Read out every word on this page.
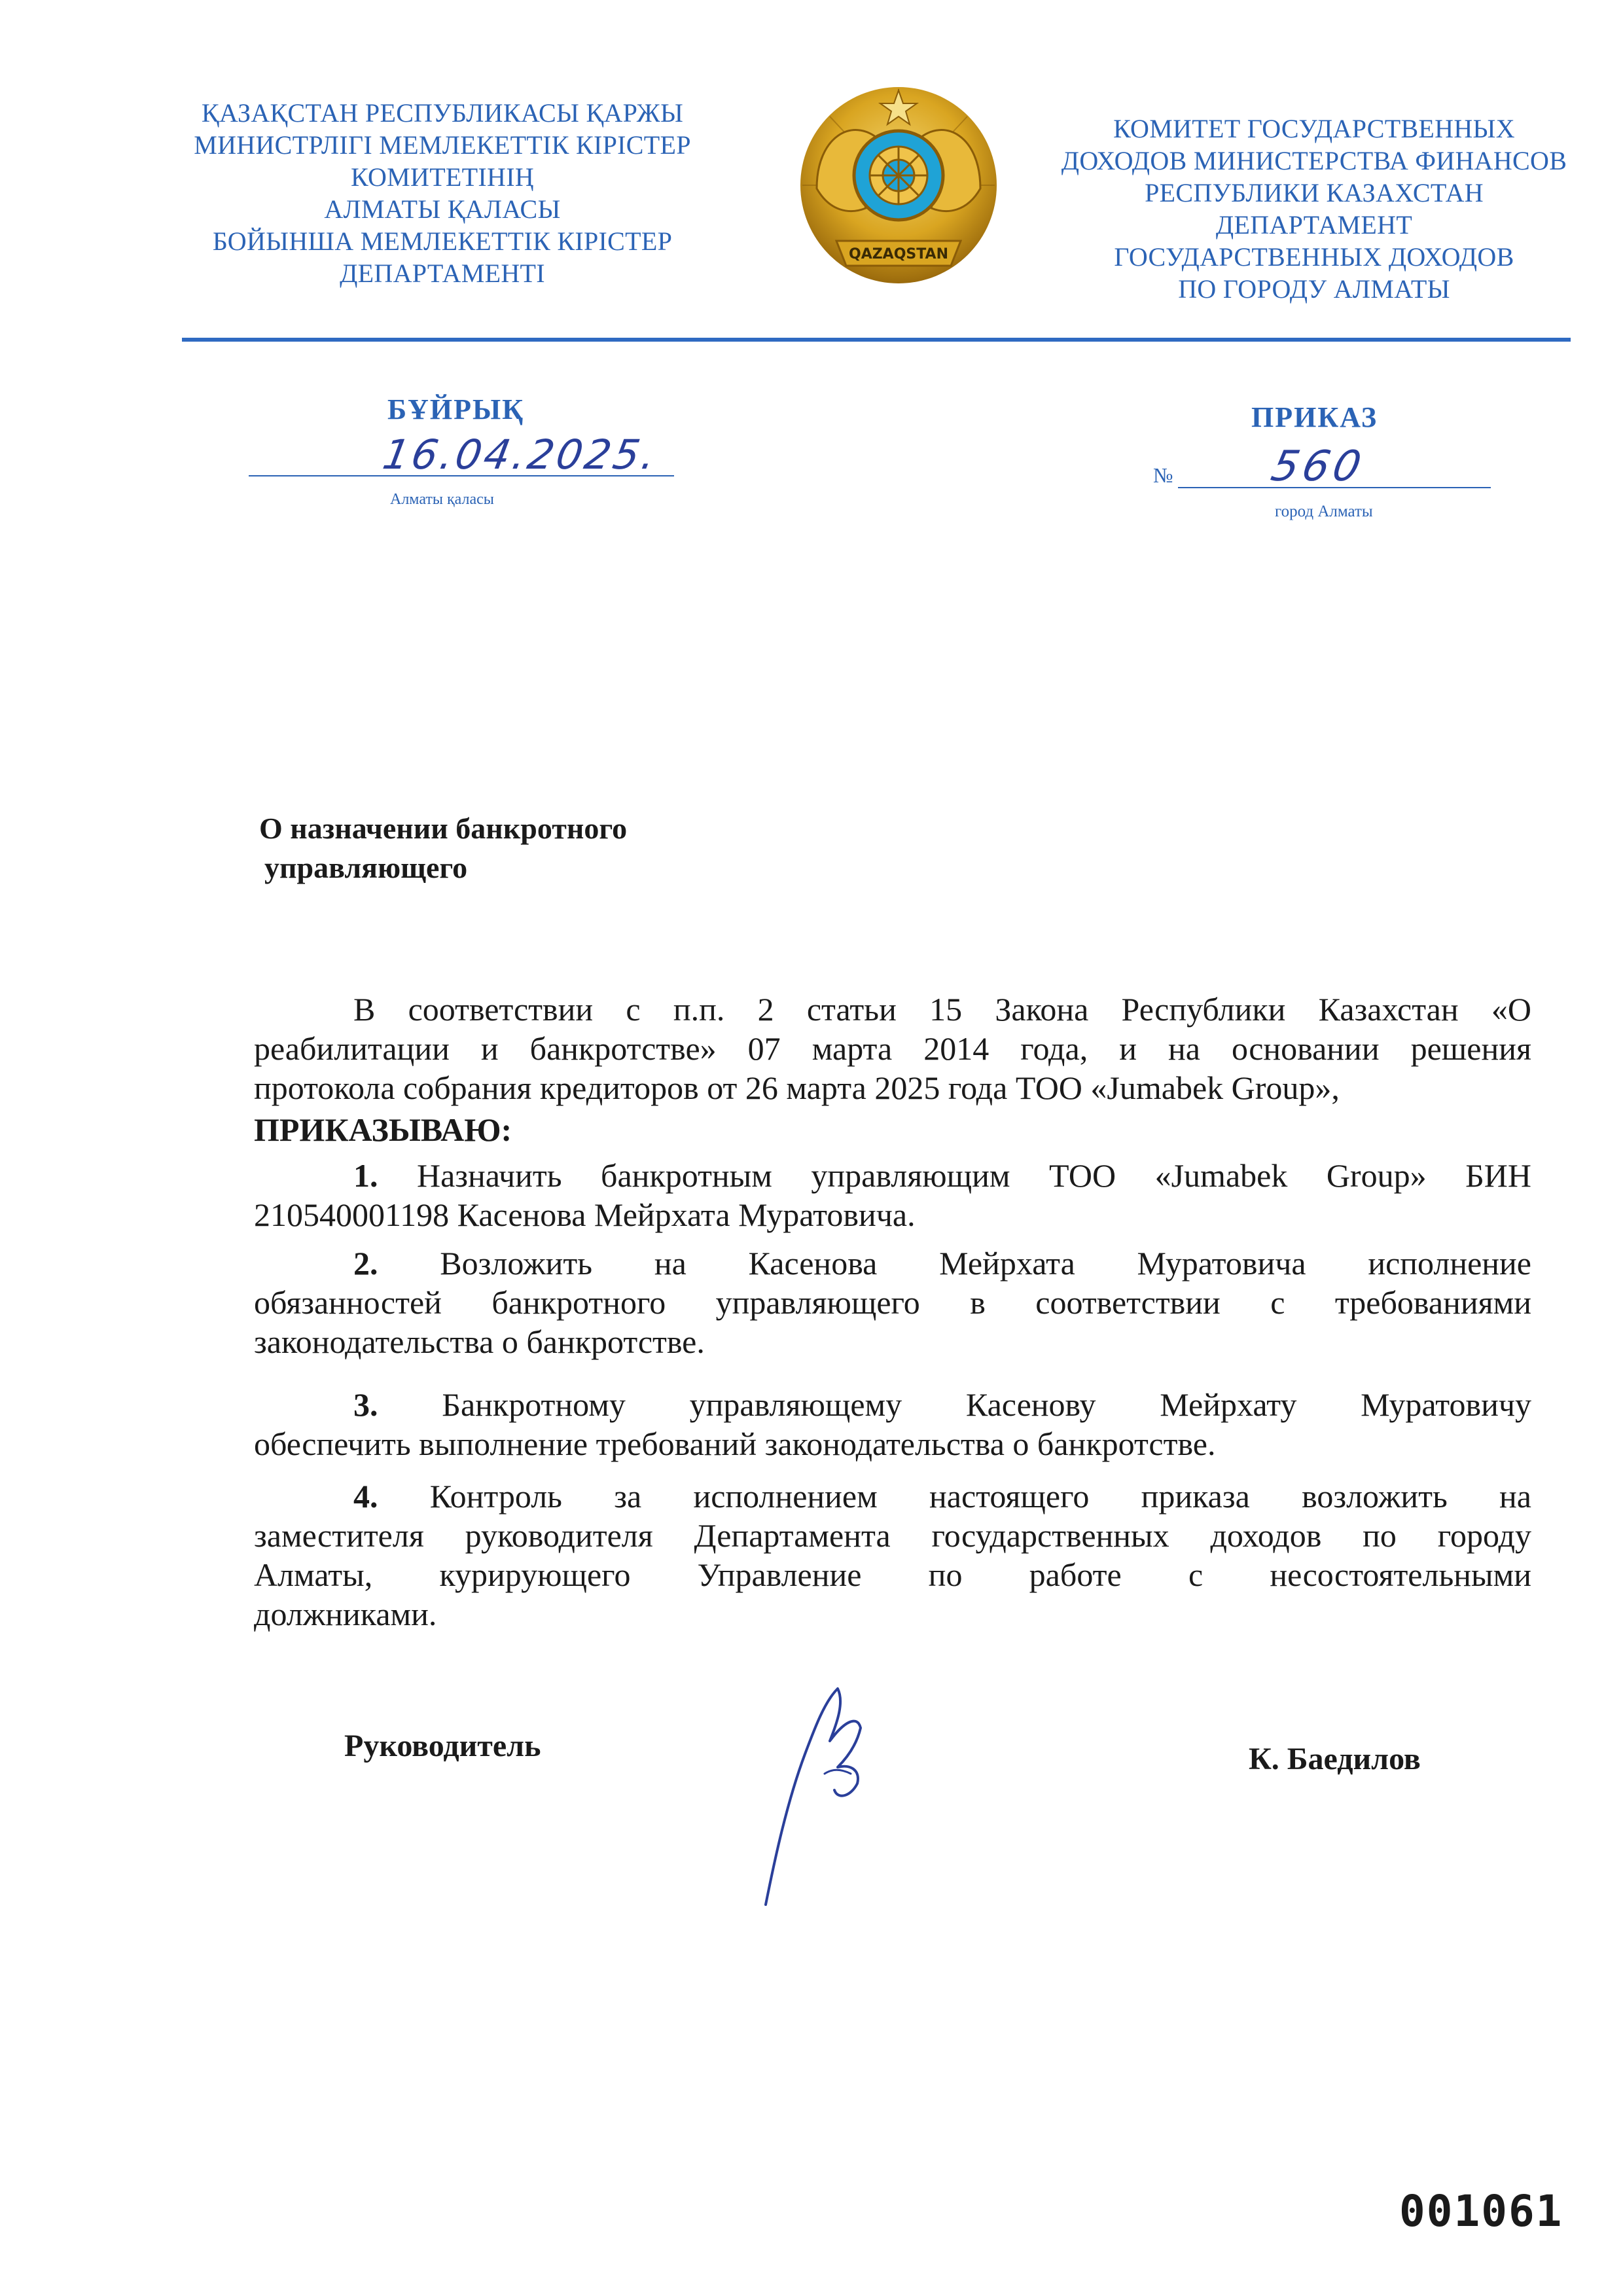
ҚАЗАҚСТАН РЕСПУБЛИКАСЫ ҚАРЖЫ
МИНИСТРЛІГІ МЕМЛЕКЕТТІК КІРІСТЕР
КОМИТЕТІНІҢ
АЛМАТЫ ҚАЛАСЫ
БОЙЫНША МЕМЛЕКЕТТІК КІРІСТЕР
ДЕПАРТАМЕНТІ
QAZAQSTAN
КОМИТЕТ ГОСУДАРСТВЕННЫХ
ДОХОДОВ МИНИСТЕРСТВА ФИНАНСОВ
РЕСПУБЛИКИ КАЗАХСТАН
ДЕПАРТАМЕНТ
ГОСУДАРСТВЕННЫХ ДОХОДОВ
ПО ГОРОДУ АЛМАТЫ
БҰЙРЫҚ	ПРИКАЗ
16.04.2025.
Алматы қаласы
№ 560
город Алматы
О назначении банкротного
управляющего
В соответствии с п.п. 2 статьи 15 Закона Республики Казахстан «О
реабилитации и банкротстве» 07 марта 2014 года, и на основании решения
протокола собрания кредиторов от 26 марта 2025 года ТОО «Jumabek Group»,
ПРИКАЗЫВАЮ:
1. Назначить банкротным управляющим ТОО «Jumabek Group» БИН
210540001198 Касенова Мейрхата Муратовича.
2. Возложить на Касенова Мейрхата Муратовича исполнение
обязанностей банкротного управляющего в соответствии с требованиями
законодательства о банкротстве.
3. Банкротному управляющему Касенову Мейрхату Муратовичу
обеспечить выполнение требований законодательства о банкротстве.
4. Контроль за исполнением настоящего приказа возложить на
заместителя руководителя Департамента государственных доходов по городу
Алматы, курирующего Управление по работе с несостоятельными
должниками.
Руководитель	К. Баедилов
001061
